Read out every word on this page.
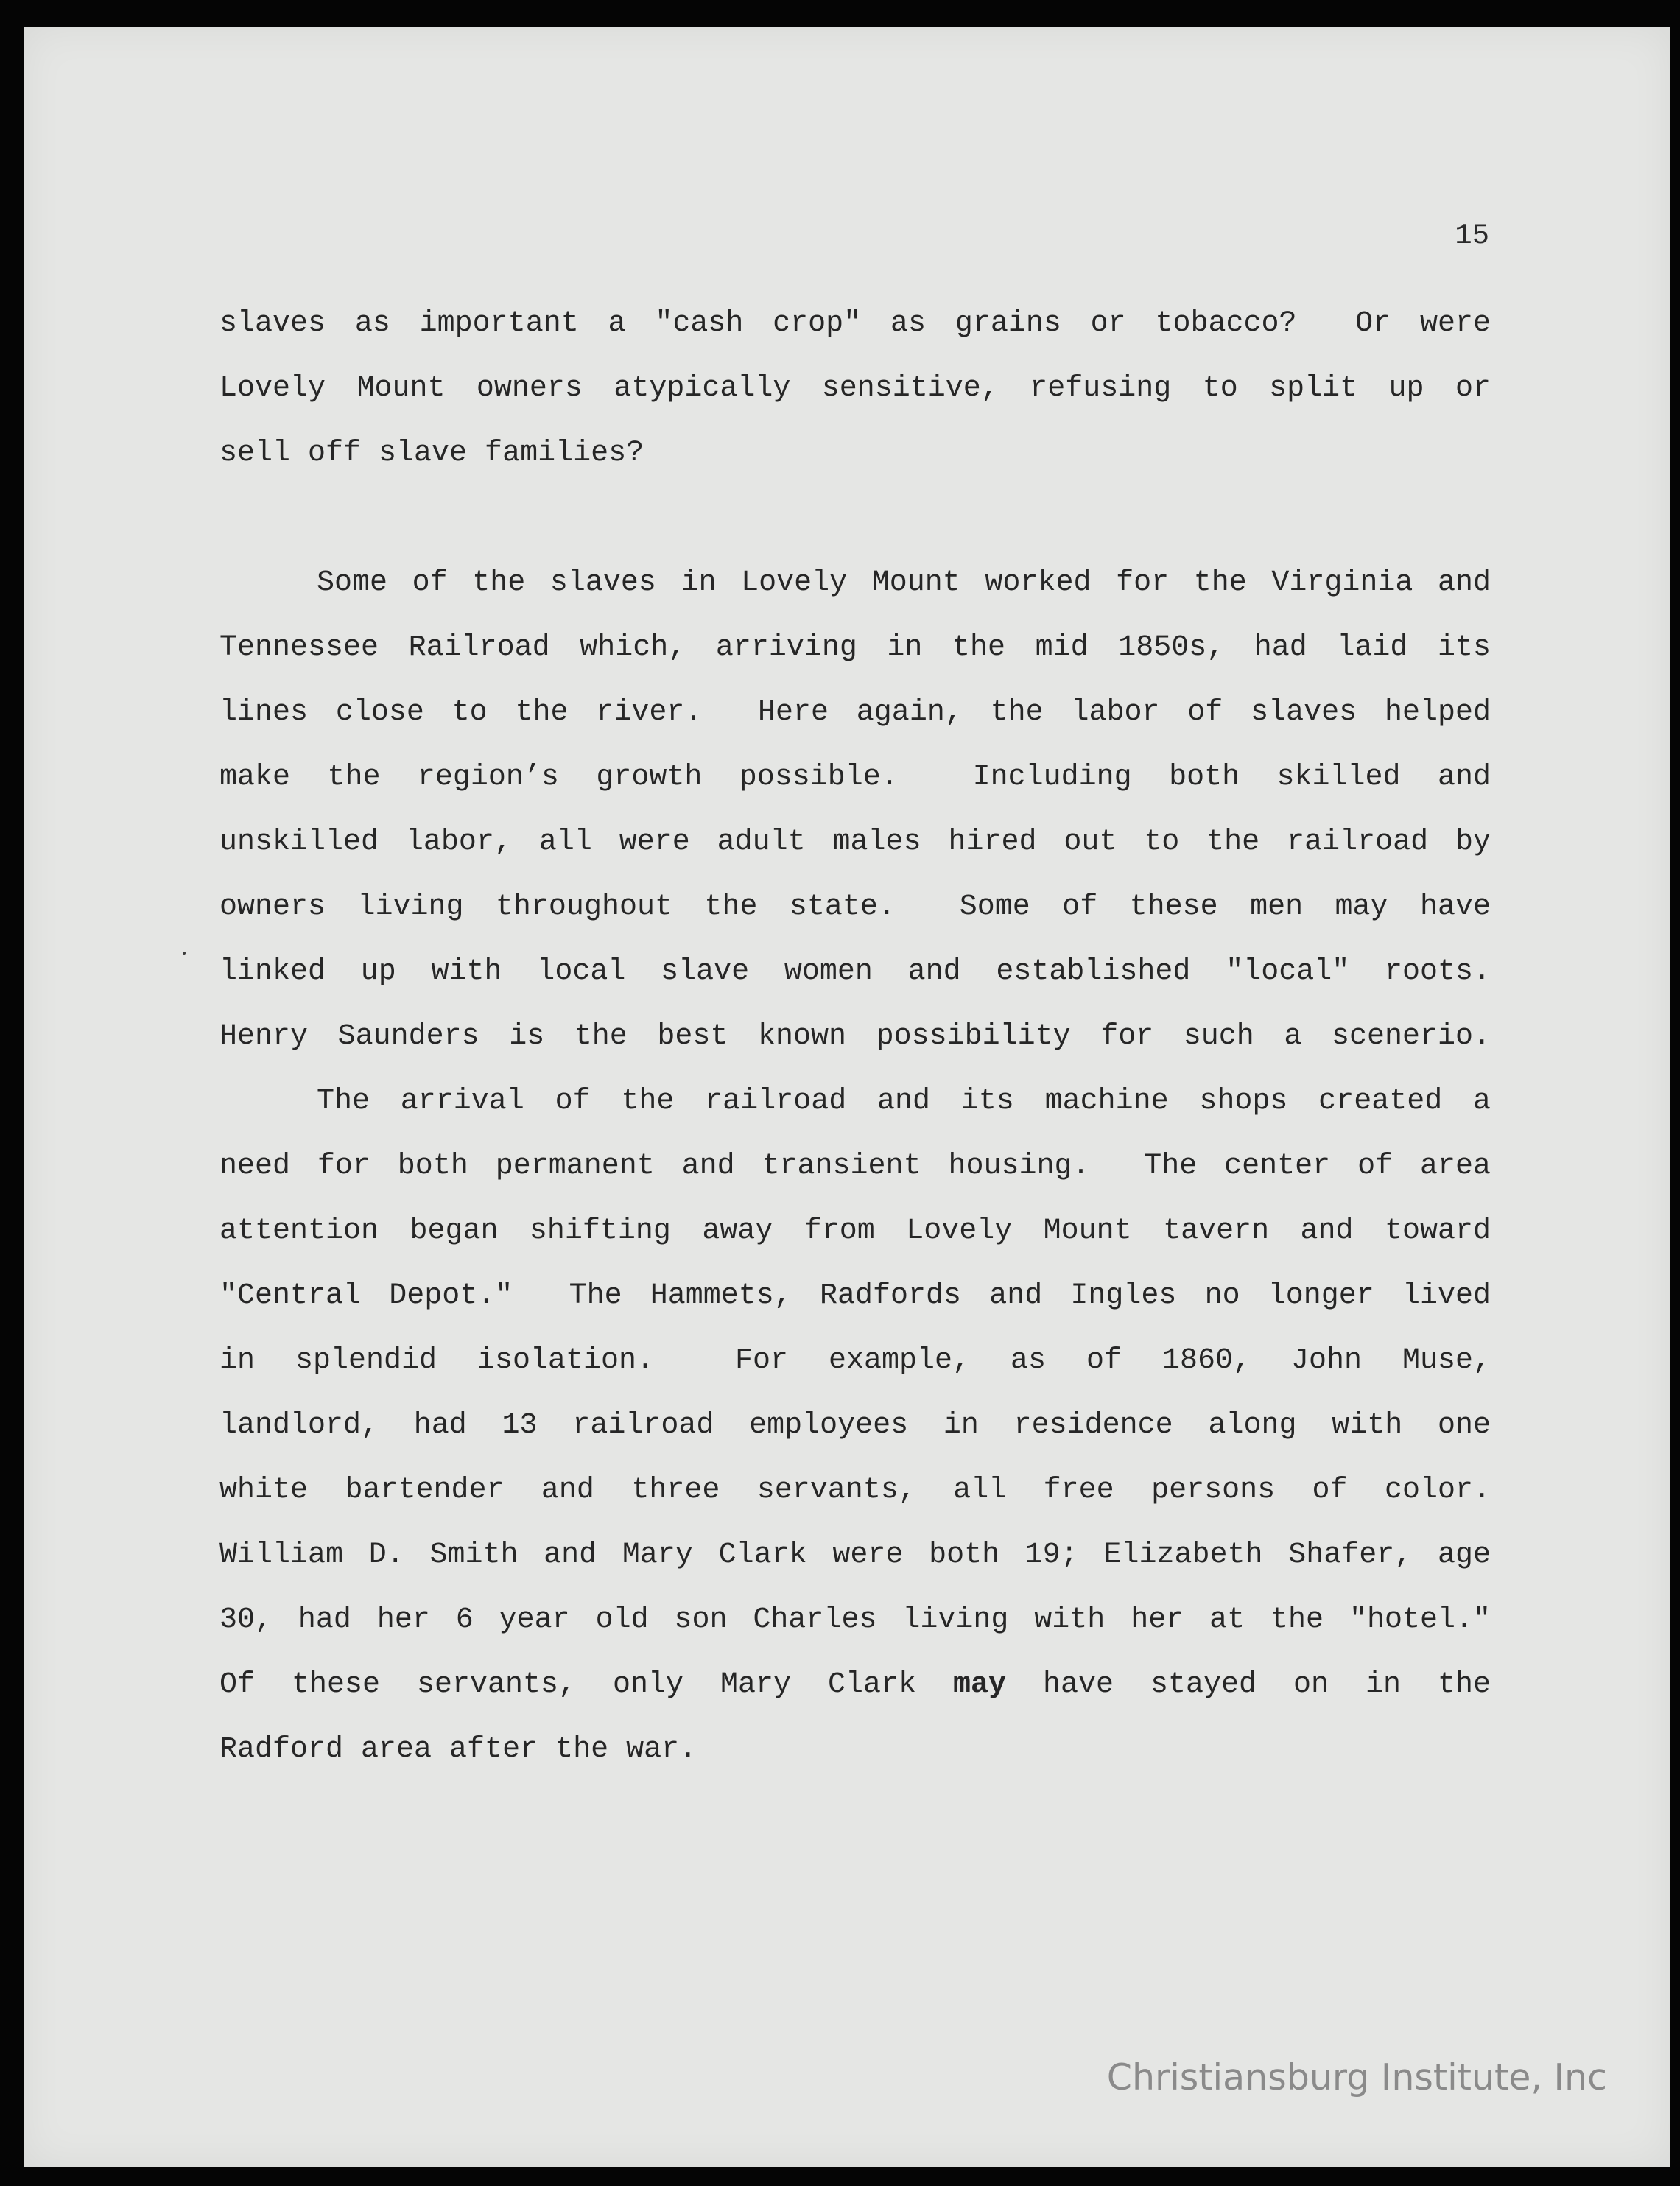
15
slaves as important a "cash crop" as grains or tobacco?  Or were
Lovely Mount owners atypically sensitive, refusing to split up or
sell off slave families?
Some of the slaves in Lovely Mount worked for the Virginia and
Tennessee Railroad which, arriving in the mid 1850s, had laid its
lines close to the river.  Here again, the labor of slaves helped
make the region’s growth possible.  Including both skilled and
unskilled labor, all were adult males hired out to the railroad by
owners living throughout the state.  Some of these men may have
linked up with local slave women and established "local" roots.
Henry Saunders is the best known possibility for such a scenerio.
The arrival of the railroad and its machine shops created a
need for both permanent and transient housing.  The center of area
attention began shifting away from Lovely Mount tavern and toward
"Central Depot."  The Hammets, Radfords and Ingles no longer lived
in splendid isolation.  For example, as of 1860, John Muse,
landlord, had 13 railroad employees in residence along with one
white bartender and three servants, all free persons of color.
William D. Smith and Mary Clark were both 19; Elizabeth Shafer, age
30, had her 6 year old son Charles living with her at the "hotel."
Of these servants, only Mary Clark may have stayed on in the
Radford area after the war.
Christiansburg Institute, Inc
